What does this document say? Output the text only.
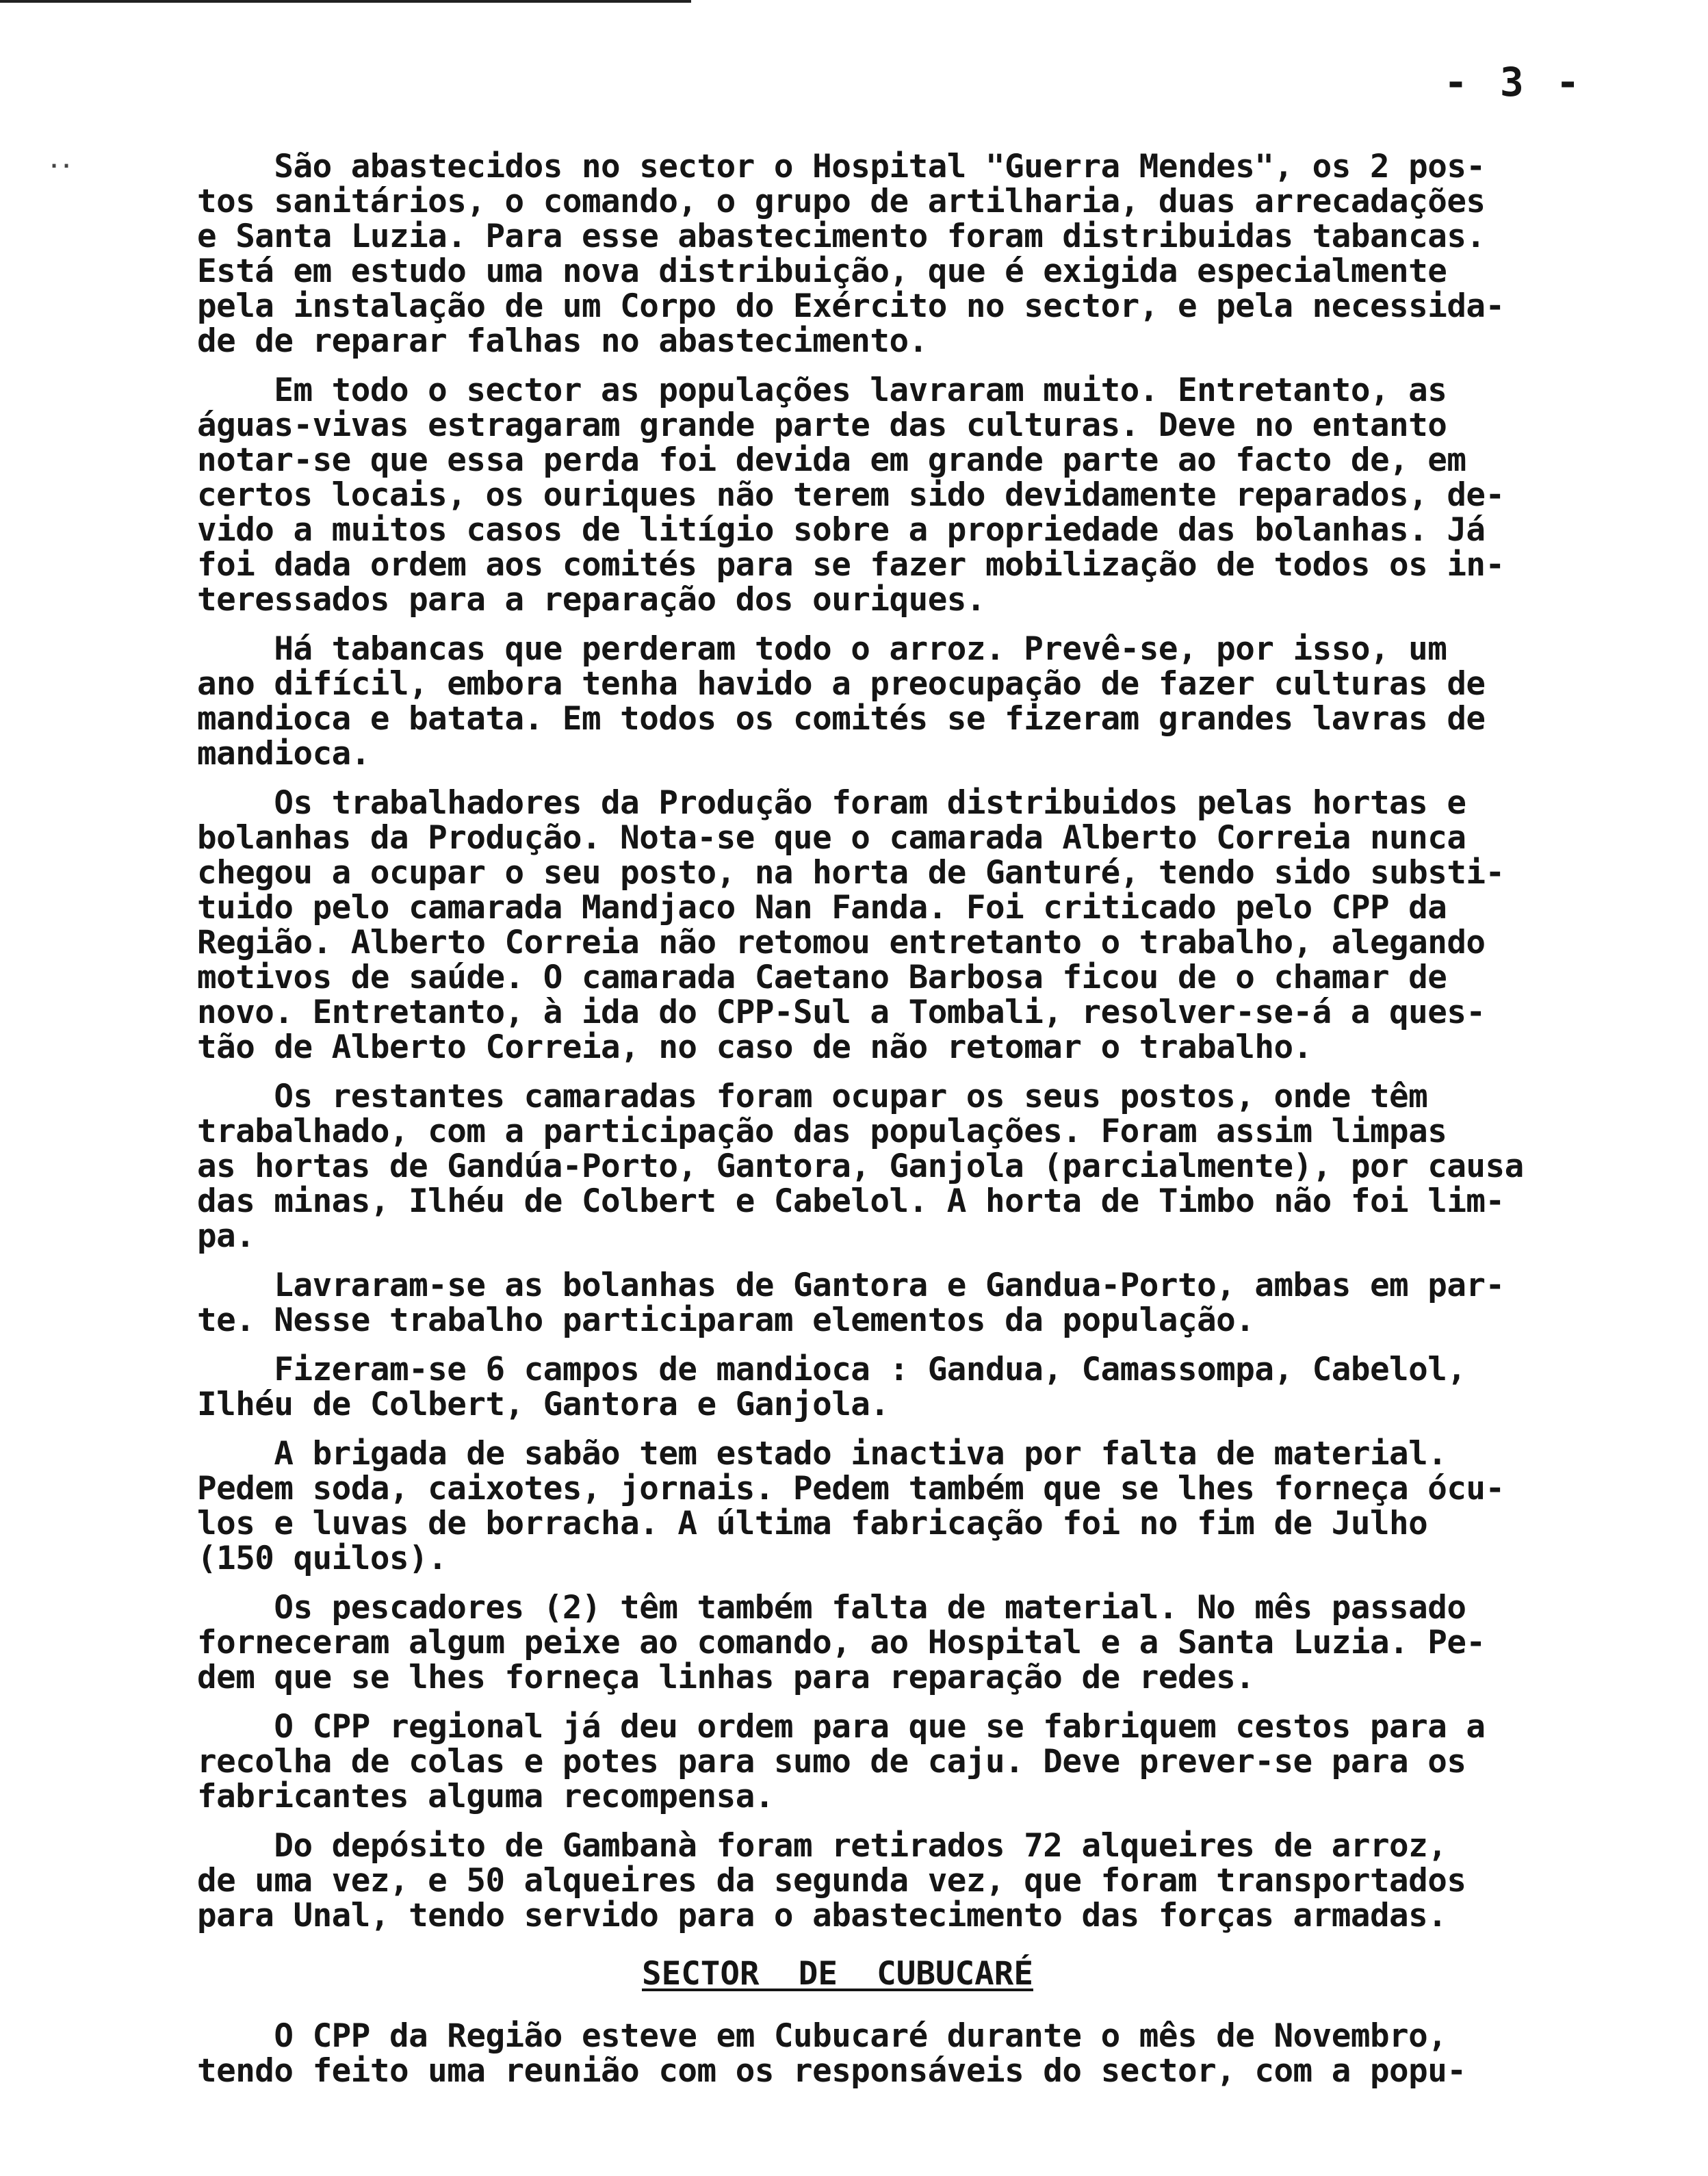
- 3 -
..	São abastecidos no sector o Hospital "Guerra Mendes", os 2 pos-
tos sanitários, o comando, o grupo de artilharia, duas arrecadações
e Santa Luzia. Para esse abastecimento foram distribuidas tabancas.
Está em estudo uma nova distribuição, que é exigida especialmente
pela instalação de um Corpo do Exército no sector, e pela necessida-
de de reparar falhas no abastecimento.
Em todo o sector as populações lavraram muito. Entretanto, as
águas-vivas estragaram grande parte das culturas. Deve no entanto
notar-se que essa perda foi devida em grande parte ao facto de, em
certos locais, os ouriques não terem sido devidamente reparados, de-
vido a muitos casos de litígio sobre a propriedade das bolanhas. Já
foi dada ordem aos comités para se fazer mobilização de todos os in-
teressados para a reparação dos ouriques.
Há tabancas que perderam todo o arroz. Prevê-se, por isso, um
ano difícil, embora tenha havido a preocupação de fazer culturas de
mandioca e batata. Em todos os comités se fizeram grandes lavras de
mandioca.
Os trabalhadores da Produção foram distribuidos pelas hortas e
bolanhas da Produção. Nota-se que o camarada Alberto Correia nunca
chegou a ocupar o seu posto, na horta de Ganturé, tendo sido substi-
tuido pelo camarada Mandjaco Nan Fanda. Foi criticado pelo CPP da
Região. Alberto Correia não retomou entretanto o trabalho, alegando
motivos de saúde. O camarada Caetano Barbosa ficou de o chamar de
novo. Entretanto, à ida do CPP-Sul a Tombali, resolver-se-á a ques-
tão de Alberto Correia, no caso de não retomar o trabalho.
Os restantes camaradas foram ocupar os seus postos, onde têm
trabalhado, com a participação das populações. Foram assim limpas
as hortas de Gandúa-Porto, Gantora, Ganjola (parcialmente), por causa
das minas, Ilhéu de Colbert e Cabelol. A horta de Timbo não foi lim-
pa.
Lavraram-se as bolanhas de Gantora e Gandua-Porto, ambas em par-
te. Nesse trabalho participaram elementos da população.
Fizeram-se 6 campos de mandioca : Gandua, Camassompa, Cabelol,
Ilhéu de Colbert, Gantora e Ganjola.
A brigada de sabão tem estado inactiva por falta de material.
Pedem soda, caixotes, jornais. Pedem também que se lhes forneça ócu-
los e luvas de borracha. A última fabricação foi no fim de Julho
(150 quilos).
Os pescadores (2) têm também falta de material. No mês passado
forneceram algum peixe ao comando, ao Hospital e a Santa Luzia. Pe-
dem que se lhes forneça linhas para reparação de redes.
O CPP regional já deu ordem para que se fabriquem cestos para a
recolha de colas e potes para sumo de caju. Deve prever-se para os
fabricantes alguma recompensa.
Do depósito de Gambanà foram retirados 72 alqueires de arroz,
de uma vez, e 50 alqueires da segunda vez, que foram transportados
para Unal, tendo servido para o abastecimento das forças armadas.
SECTOR  DE  CUBUCARÉ
O CPP da Região esteve em Cubucaré durante o mês de Novembro,
tendo feito uma reunião com os responsáveis do sector, com a popu-
